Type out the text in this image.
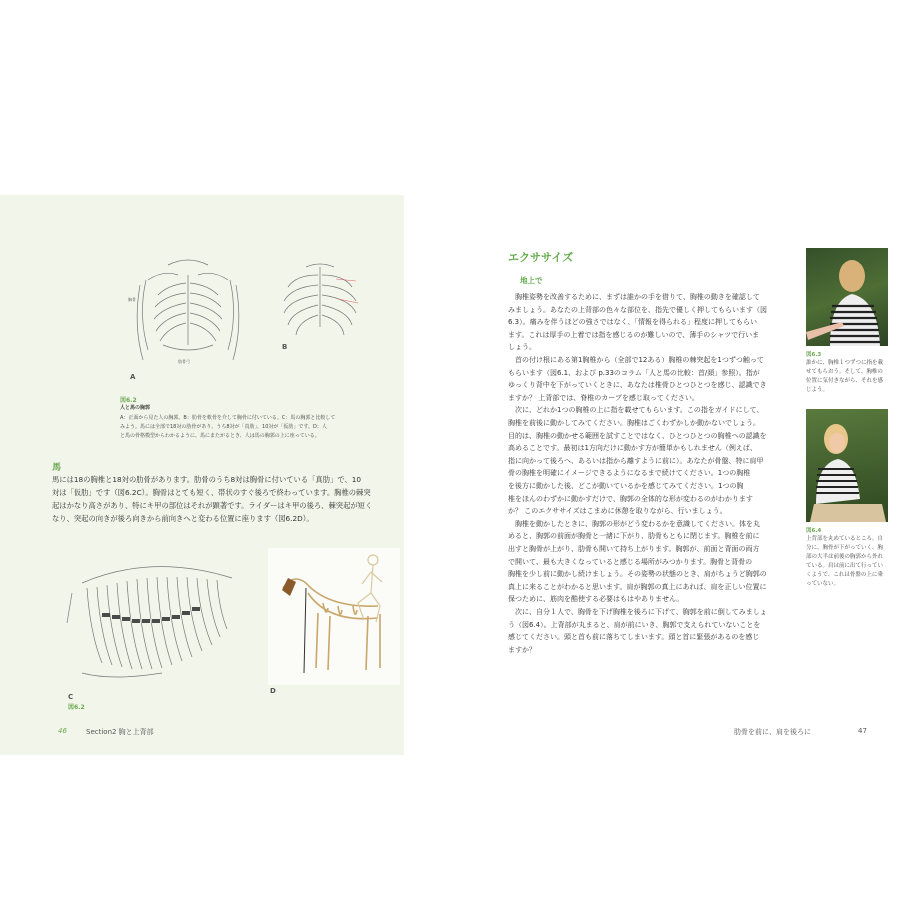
胸骨
肋骨弓
A
B
図6.2
人と馬の胸郭
A：正面から見た人の胸郭。B：肋骨を軟骨を介して胸骨に付いている。C：馬の胸郭と比較して
みよう。馬には全部で18対の肋骨があり、うち8対が「真肋」、10対が「仮肋」です。D：人
と馬の骨格模型からわかるように、馬にまたがるとき、人は馬の胸郭の上に座っている。
馬
馬には18の胸椎と18対の肋骨があります。肋骨のうち8対は胸骨に付いている「真肋」で、10
対は「仮肋」です（図6.2C）。胸骨はとても短く、帯状のすぐ後ろで終わっています。胸椎の棘突
起はかなり高さがあり、特にキ甲の部位はそれが顕著です。ライダーはキ甲の後ろ、棘突起が短く
なり、突起の向きが後ろ向きから前向きへと変わる位置に座ります（図6.2D）。
C
図6.2
D
46	Section2 胸と上背部
エクササイズ
地上で
胸椎姿勢を改善するために、まずは誰かの手を借りて、胸椎の動きを確認して
みましょう。あなたの上背部の色々な部位を、指先で優しく押してもらいます（図
6.3）。痛みを伴うほどの強さではなく、「情報を得られる」程度に押してもらい
ます。これは厚手の上着では指を感じるのが難しいので、薄手のシャツで行いま
しょう。
首の付け根にある第1胸椎から（全部で12ある）胸椎の棘突起を1つずつ触って
もらいます（図6.1、および p.33のコラム「人と馬の比較：首/頚」参照）。指が
ゆっくり背中を下がっていくときに、あなたは椎骨ひとつひとつを感じ、認識でき
ますか？ 上背部では、脊椎のカーブを感じ取ってください。
次に、どれか1つの胸椎の上に指を載せてもらいます。この指をガイドにして、
胸椎を前後に動かしてみてください。胸椎はごくわずかしか動かないでしょう。
目的は、胸椎の動かせる範囲を試すことではなく、ひとつひとつの胸椎への認識を
高めることです。最初は1方向だけに動かす方が簡単かもしれません（例えば、
指に向かって後ろへ、あるいは指から離すように前に）。あなたが骨盤、特に肩甲
骨の胸椎を明確にイメージできるようになるまで続けてください。1つの胸椎
を後方に動かした後、どこが動いているかを感じてみてください。1つの胸
椎をほんのわずかに動かすだけで、胸郭の全体的な形が変わるのがわかります
か？ このエクササイズはこまめに休憩を取りながら、行いましょう。
胸椎を動かしたときに、胸郭の形がどう変わるかを意識してください。体を丸
めると、胸郭の前面が胸骨と一緒に下がり、肋骨もともに閉じます。胸椎を前に
出すと胸骨が上がり、肋骨も開いて持ち上がります。胸郭が、前面と背面の両方
で開いて、最も大きくなっていると感じる場所がみつかります。胸骨と背骨の
胸椎を少し前に動かし続けましょう。その姿勢の状態のとき、肩がちょうど胸郭の
真上に来ることがわかると思います。肩が胸郭の真上にあれば、肩を正しい位置に
保つために、筋肉を酷使する必要はもはやありません。
次に、自分１人で、胸骨を下げ胸椎を後ろに下げて、胸郭を前に倒してみましょ
う（図6.4）。上背部が丸まると、肩が前にいき、胸郭で支えられていないことを
感じてください。頭と首も前に落ちてしまいます。頭と首に緊張があるのを感じ
ますか？
図6.3
誰かに、胸椎１つずつに指を載せてもらおう。そして、胸椎の位置に気付きながら、それを感じよう。
図6.4
上背部を丸めているところ。自分に、胸骨が下がっていく、胸部の大半は前後の胸郭から外れている。肩は前に出て行っていくようで、これは骨盤の上に乗っていない。
肋骨を前に、肩を後ろに	47
